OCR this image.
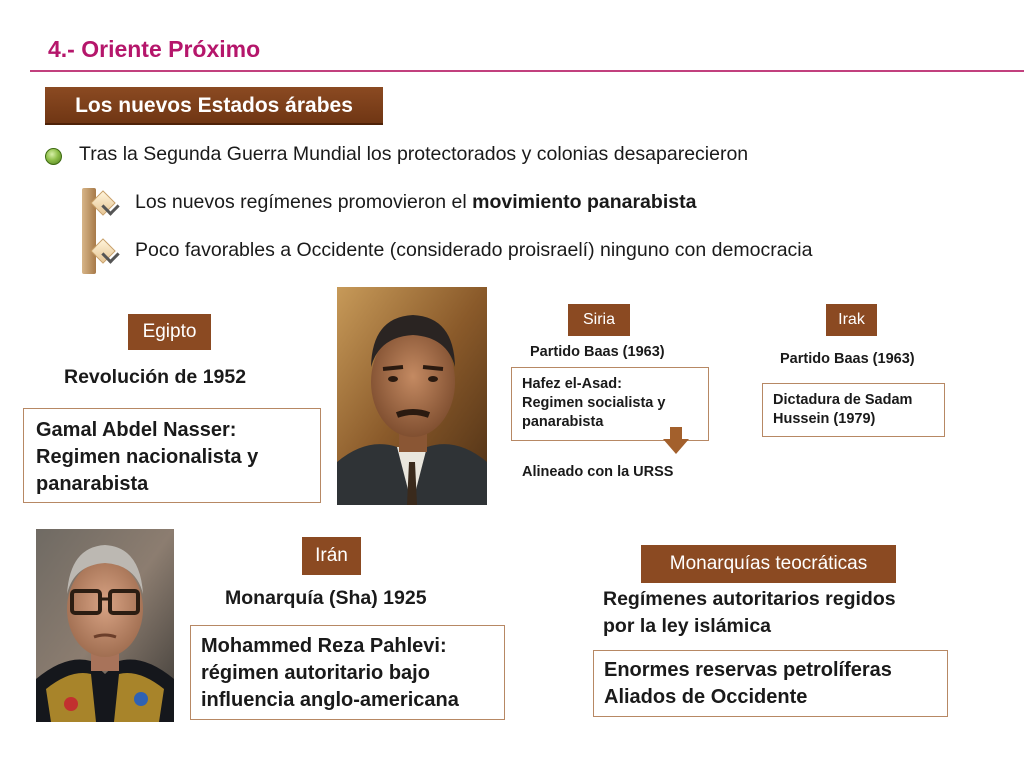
4.- Oriente Próximo
Los nuevos Estados árabes
Tras la Segunda Guerra Mundial los protectorados y colonias desaparecieron
Los nuevos regímenes promovieron el movimiento panarabista
Poco favorables a Occidente (considerado proisraelí) ninguno con democracia
Egipto
Revolución de 1952
Gamal Abdel Nasser:
Regimen nacionalista y
panarabista
Siria
Partido Baas (1963)
Hafez el-Asad:
Regimen socialista y
panarabista
Alineado con la URSS
Irak
Partido Baas (1963)
Dictadura de Sadam
Hussein (1979)
Irán
Monarquía (Sha) 1925
Mohammed Reza Pahlevi:
régimen autoritario bajo
influencia anglo-americana
Monarquías teocráticas
Regímenes autoritarios regidos
por la ley islámica
Enormes reservas petrolíferas
Aliados de Occidente
